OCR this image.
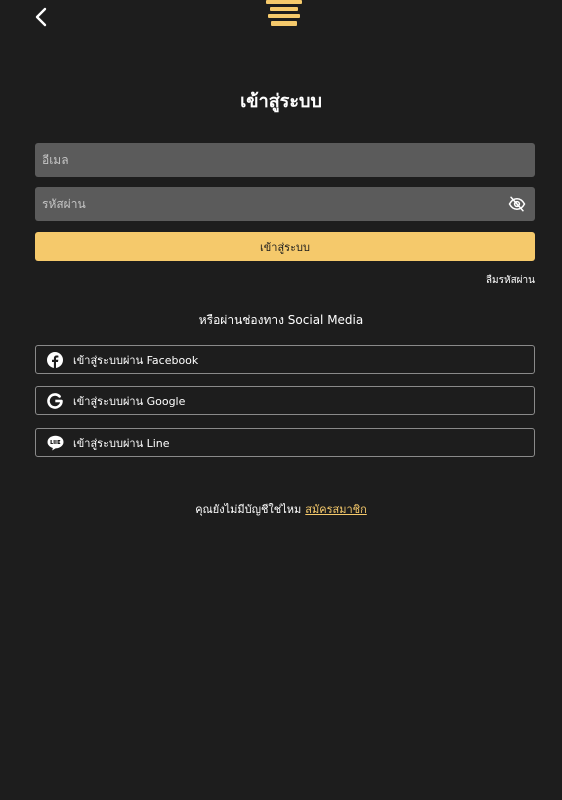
เข้าสู่ระบบ
อีเมล
เข้าสู่ระบบ
ลืมรหัสผ่าน
หรือผ่านช่องทาง Social Media
เข้าสู่ระบบผ่าน Facebook
เข้าสู่ระบบผ่าน Google
เข้าสู่ระบบผ่าน Line
คุณยังไม่มีบัญชีใช่ไหม สมัครสมาชิก
